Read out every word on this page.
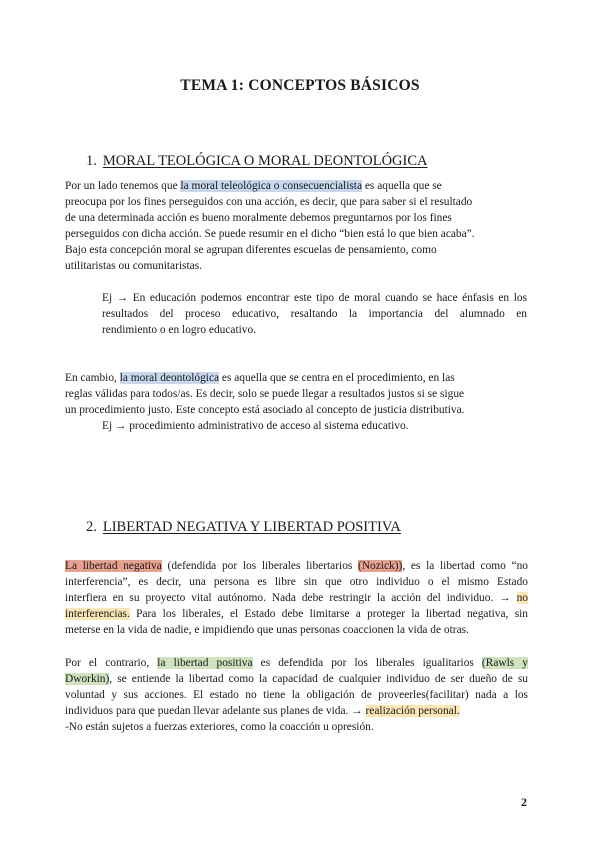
TEMA 1: CONCEPTOS BÁSICOS
1. MORAL TEOLÓGICA O MORAL DEONTOLÓGICA
Por un lado tenemos que la moral teleológica o consecuencialista es aquella que se
preocupa por los fines perseguidos con una acción, es decir, que para saber si el resultado
de una determinada acción es bueno moralmente debemos preguntarnos por los fines
perseguidos con dicha acción. Se puede resumir en el dicho “bien está lo que bien acaba”.
Bajo esta concepción moral se agrupan diferentes escuelas de pensamiento, como
utilitaristas ou comunitaristas.
Ej → En educación podemos encontrar este tipo de moral cuando se hace énfasis en los
resultados del proceso educativo, resaltando la importancia del alumnado en
rendimiento o en logro educativo.
En cambio, la moral deontológica es aquella que se centra en el procedimiento, en las
reglas válidas para todos/as. Es decir, solo se puede llegar a resultados justos si se sigue
un procedimiento justo. Este concepto está asociado al concepto de justicia distributiva.
Ej → procedimiento administrativo de acceso al sistema educativo.
2. LIBERTAD NEGATIVA Y LIBERTAD POSITIVA
La libertad negativa (defendida por los liberales libertarios (Nozick)), es la libertad como “no
interferencia”, es decir, una persona es libre sin que otro individuo o el mismo Estado
interfiera en su proyecto vital autónomo. Nada debe restringir la acción del individuo. → no
interferencias. Para los liberales, el Estado debe limitarse a proteger la libertad negativa, sin
meterse en la vida de nadie, e impidiendo que unas personas coaccionen la vida de otras.
Por el contrario, la libertad positiva es defendida por los liberales igualitarios (Rawls y
Dworkin), se entiende la libertad como la capacidad de cualquier individuo de ser dueño de su
voluntad y sus acciones. El estado no tiene la obligación de proveerles(facilitar) nada a los
individuos para que puedan llevar adelante sus planes de vida. → realización personal.
-No están sujetos a fuerzas exteriores, como la coacción u opresión.
2
